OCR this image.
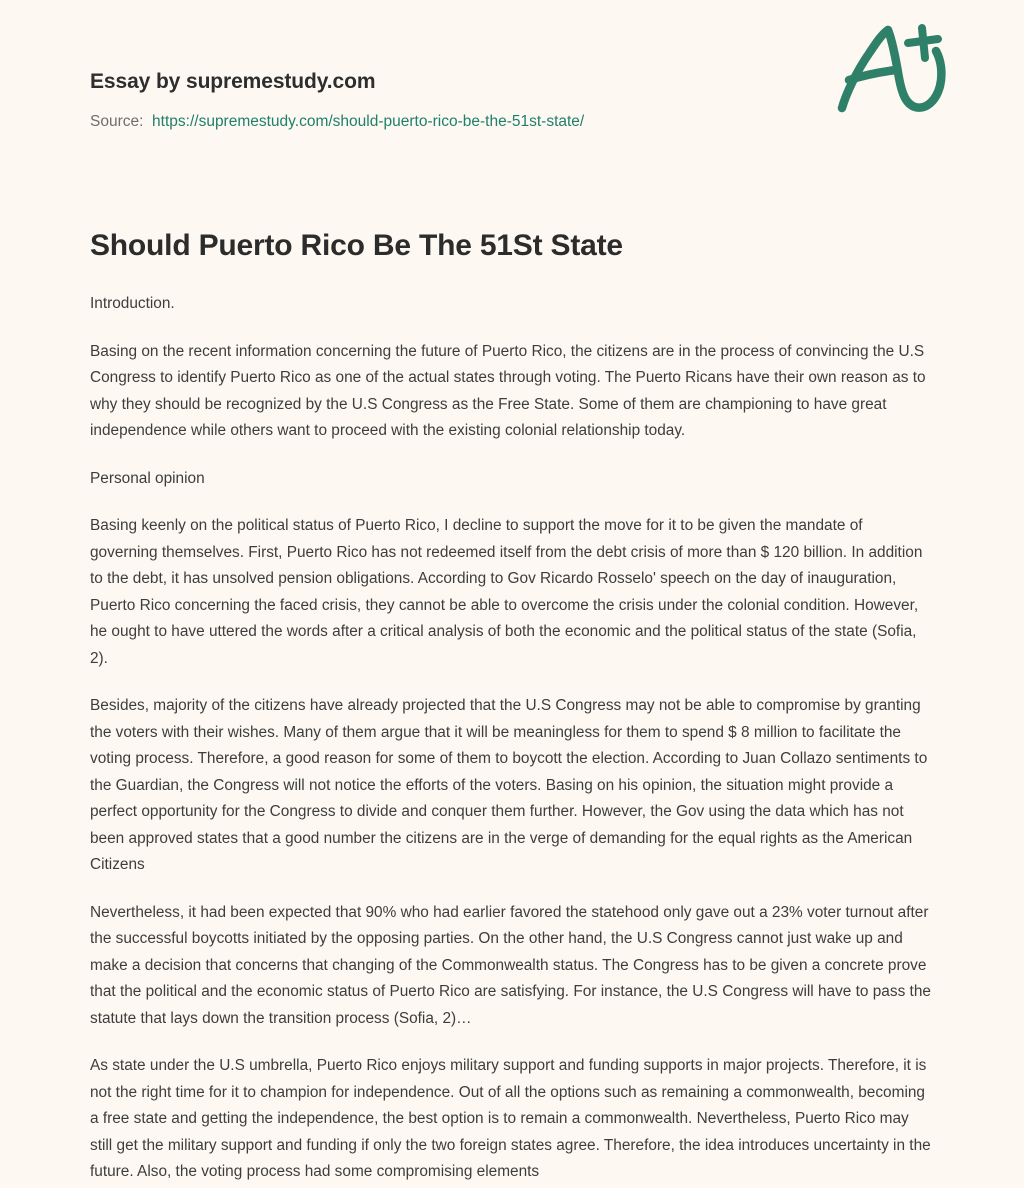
Essay by supremestudy.com
Source: https://supremestudy.com/should-puerto-rico-be-the-51st-state/
Should Puerto Rico Be The 51St State

Introduction.

Basing on the recent information concerning the future of Puerto Rico, the citizens are in the process of convincing the U.S Congress to identify Puerto Rico as one of the actual states through voting. The Puerto Ricans have their own reason as to why they should be recognized by the U.S Congress as the Free State. Some of them are championing to have great independence while others want to proceed with the existing colonial relationship today.

Personal opinion

Basing keenly on the political status of Puerto Rico, I decline to support the move for it to be given the mandate of governing themselves. First, Puerto Rico has not redeemed itself from the debt crisis of more than $ 120 billion. In addition to the debt, it has unsolved pension obligations. According to Gov Ricardo Rosselo' speech on the day of inauguration, Puerto Rico concerning the faced crisis, they cannot be able to overcome the crisis under the colonial condition. However, he ought to have uttered the words after a critical analysis of both the economic and the political status of the state (Sofia, 2).

Besides, majority of the citizens have already projected that the U.S Congress may not be able to compromise by granting the voters with their wishes. Many of them argue that it will be meaningless for them to spend $ 8 million to facilitate the voting process. Therefore, a good reason for some of them to boycott the election. According to Juan Collazo sentiments to the Guardian, the Congress will not notice the efforts of the voters. Basing on his opinion, the situation might provide a perfect opportunity for the Congress to divide and conquer them further. However, the Gov using the data which has not been approved states that a good number the citizens are in the verge of demanding for the equal rights as the American Citizens

Nevertheless, it had been expected that 90% who had earlier favored the statehood only gave out a 23% voter turnout after the successful boycotts initiated by the opposing parties. On the other hand, the U.S Congress cannot just wake up and make a decision that concerns that changing of the Commonwealth status. The Congress has to be given a concrete prove that the political and the economic status of Puerto Rico are satisfying. For instance, the U.S Congress will have to pass the statute that lays down the transition process (Sofia, 2)…

As state under the U.S umbrella, Puerto Rico enjoys military support and funding supports in major projects. Therefore, it is not the right time for it to champion for independence. Out of all the options such as remaining a commonwealth, becoming a free state and getting the independence, the best option is to remain a commonwealth. Nevertheless, Puerto Rico may still get the military support and funding if only the two foreign states agree. Therefore, the idea introduces uncertainty in the future. Also, the voting process had some compromising elements
